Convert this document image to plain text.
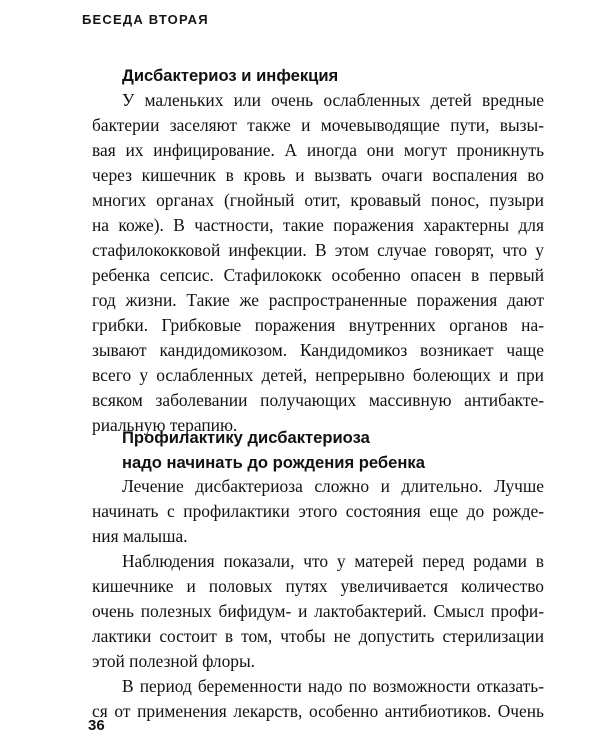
БЕСЕДА ВТОРАЯ
Дисбактериоз и инфекция
У маленьких или очень ослабленных детей вредные
бактерии заселяют также и мочевыводящие пути, вызы-
вая их инфицирование. А иногда они могут проникнуть
через кишечник в кровь и вызвать очаги воспаления во
многих органах (гнойный отит, кровавый понос, пузыри
на коже). В частности, такие поражения характерны для
стафилококковой инфекции. В этом случае говорят, что у
ребенка сепсис. Стафилококк особенно опасен в первый
год жизни. Такие же распространенные поражения дают
грибки. Грибковые поражения внутренних органов на-
зывают кандидомикозом. Кандидомикоз возникает чаще
всего у ослабленных детей, непрерывно болеющих и при
всяком заболевании получающих массивную антибакте-
риальную терапию.
Профилактику дисбактериоза
надо начинать до рождения ребенка
Лечение дисбактериоза сложно и длительно. Лучше
начинать с профилактики этого состояния еще до рожде-
ния малыша.
Наблюдения показали, что у матерей перед родами в
кишечнике и половых путях увеличивается количество
очень полезных бифидум- и лактобактерий. Смысл профи-
лактики состоит в том, чтобы не допустить стерилизации
этой полезной флоры.
В период беременности надо по возможности отказать-
ся от применения лекарств, особенно антибиотиков. Очень
36
